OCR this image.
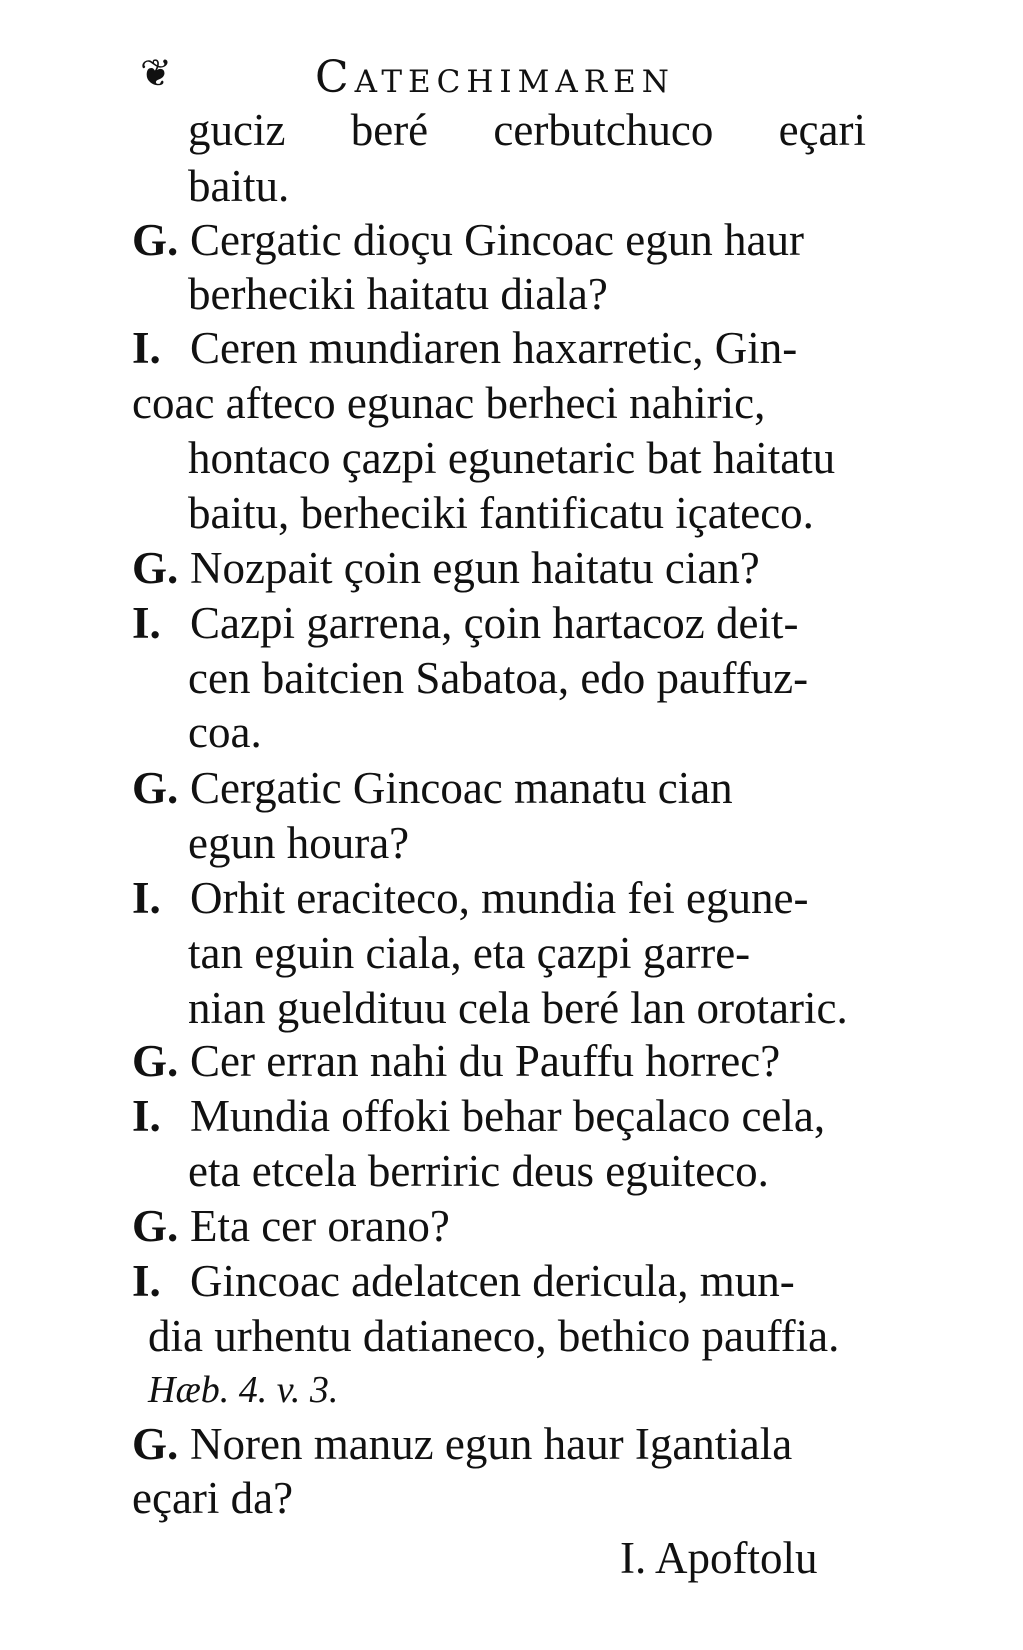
❦	Catechimaren
guciz beré cerbutchuco eçari
baitu.
G. Cergatic dioçu Gincoac egun haur
berheciki haitatu diala?
I. Ceren mundiaren haxarretic, Gin-
coac afteco egunac berheci nahiric,
hontaco çazpi egunetaric bat haitatu
baitu, berheciki fantificatu içateco.
G. Nozpait çoin egun haitatu cian?
I. Cazpi garrena, çoin hartacoz deit-
cen baitcien Sabatoa, edo pauffuz-
coa.
G. Cergatic Gincoac manatu cian
egun houra?
I. Orhit eraciteco, mundia fei egune-
tan eguin ciala, eta çazpi garre-
nian gueldituu cela beré lan orotaric.
G. Cer erran nahi du Pauffu horrec?
I. Mundia offoki behar beçalaco cela,
eta etcela berriric deus eguiteco.
G. Eta cer orano?
I. Gincoac adelatcen dericula, mun-
dia urhentu datianeco, bethico pauffia.
Hæb. 4. v. 3.
G. Noren manuz egun haur Igantiala
eçari da?
I. Apoftolu
